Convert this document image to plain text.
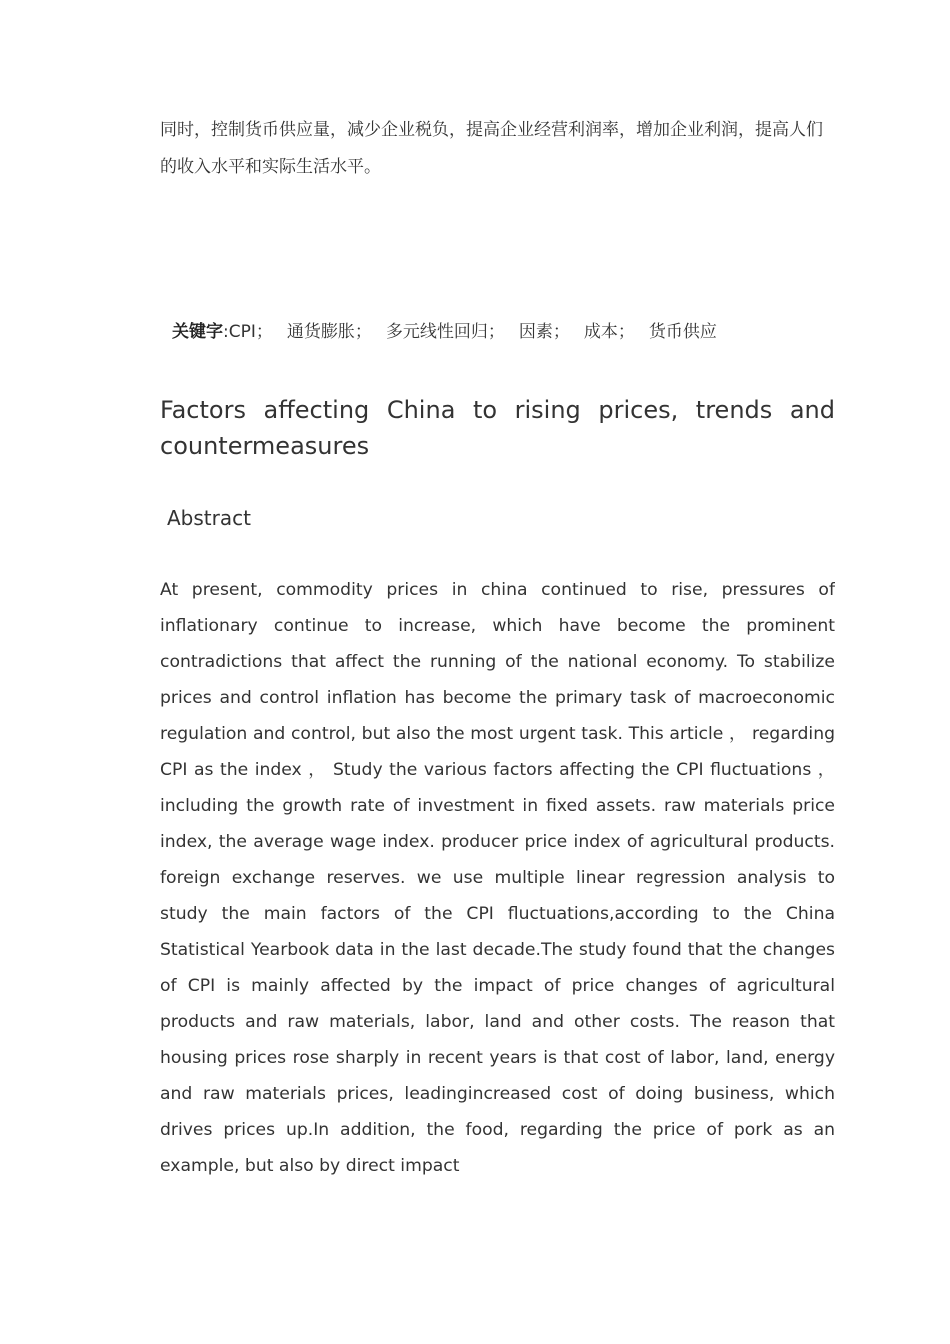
同时，控制货币供应量，减少企业税负，提高企业经营利润率，增加企业利润，提高人们的收入水平和实际生活水平。

关键字:CPI； 通货膨胀； 多元线性回归； 因素； 成本； 货币供应

Factors affecting China to rising prices, trends and countermeasures
Abstract

At present, commodity prices in china continued to rise, pressures of inflationary continue to increase, which have become the prominent contradictions that affect the running of the national economy. To stabilize prices and control inflation has become the primary task of macroeconomic regulation and control, but also the most urgent task. This article ， regarding CPI as the index ， Study the various factors affecting the CPI fluctuations ， including the growth rate of investment in fixed assets. raw materials price index, the average wage index. producer price index of agricultural products. foreign exchange reserves. we use multiple linear regression analysis to study the main factors of the CPI fluctuations,according to the China Statistical Yearbook data in the last decade.The study found that the changes of CPI is mainly affected by the impact of price changes of agricultural products and raw materials, labor, land and other costs. The reason that housing prices rose sharply in recent years is that cost of labor, land, energy and raw materials prices, leadingincreased cost of doing business, which drives prices up.In addition, the food, regarding the price of pork as an example, but also by direct impact
